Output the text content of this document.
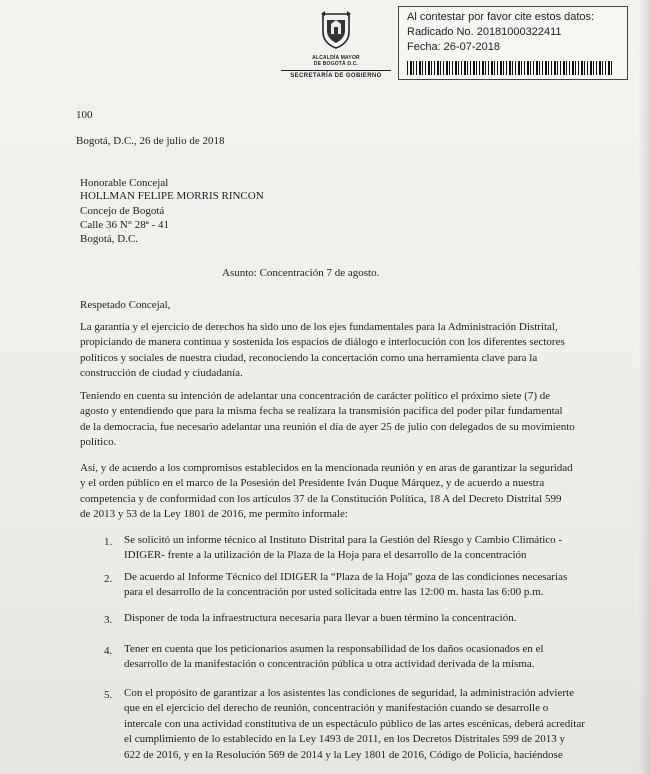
ALCALDÍA MAYOR
DE BOGOTÁ D.C.
SECRETARÍA DE GOBIERNO
Al contestar por favor cite estos datos:
Radicado No. 20181000322411
Fecha: 26-07-2018
100
Bogotá, D.C., 26 de julio de 2018
Honorable Concejal
HOLLMAN FELIPE MORRIS RINCON
Concejo de Bogotá
Calle 36 N° 28ª - 41
Bogotá, D.C.
Asunto: Concentración 7 de agosto.
Respetado Concejal,
La garantía y el ejercicio de derechos ha sido uno de los ejes fundamentales para la Administración Distrital,
propiciando de manera continua y sostenida los espacios de diálogo e interlocución con los diferentes sectores
políticos y sociales de nuestra ciudad, reconociendo la concertación como una herramienta clave para la
construcción de ciudad y ciudadanía.
Teniendo en cuenta su intención de adelantar una concentración de carácter político el próximo siete (7) de
agosto y entendiendo que para la misma fecha se realizara la transmisión pacífica del poder pilar fundamental
de la democracia, fue necesario adelantar una reunión el día de ayer 25 de julio con delegados de su movimiento
político.
Así, y de acuerdo a los compromisos establecidos en la mencionada reunión y en aras de garantizar la seguridad
y el orden público en el marco de la Posesión del Presidente Iván Duque Márquez, y de acuerdo a nuestra
competencia y de conformidad con los artículos 37 de la Constitución Política, 18 A del Decreto Distrital 599
de 2013 y 53 de la Ley 1801 de 2016, me permito informale:
1. Se solicitó un informe técnico al Instituto Distrital para la Gestión del Riesgo y Cambio Climático -
IDIGER- frente a la utilización de la Plaza de la Hoja para el desarrollo de la concentración
2. De acuerdo al Informe Técnico del IDIGER la “Plaza de la Hoja” goza de las condiciones necesarias
para el desarrollo de la concentración por usted solicitada entre las 12:00 m. hasta las 6:00 p.m.
3. Disponer de toda la infraestructura necesaria para llevar a buen término la concentración.
4. Tener en cuenta que los peticionarios asumen la responsabilidad de los daños ocasionados en el
desarrollo de la manifestación o concentración pública u otra actividad derivada de la misma.
5. Con el propósito de garantizar a los asistentes las condiciones de seguridad, la administración advierte
que en el ejercicio del derecho de reunión, concentración y manifestación cuando se desarrolle o
intercale con una actividad constitutiva de un espectáculo público de las artes escénicas, deberá acreditar
el cumplimiento de lo establecido en la Ley 1493 de 2011, en los Decretos Distritales 599 de 2013 y
622 de 2016, y en la Resolución 569 de 2014 y la Ley 1801 de 2016, Código de Policía, haciéndose
